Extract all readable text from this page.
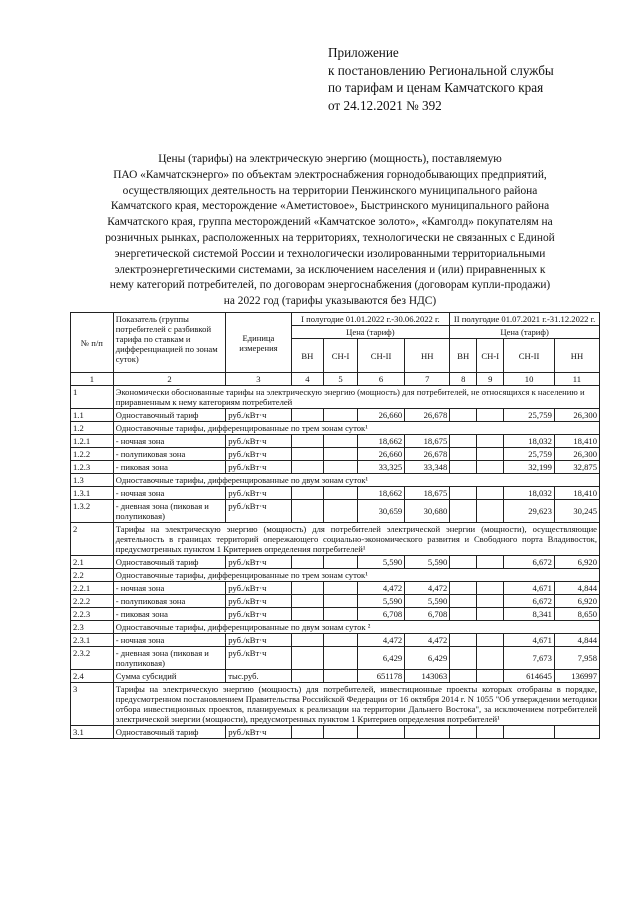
Приложение
к постановлению Региональной службы
по тарифам и ценам Камчатского края
от 24.12.2021 № 392
Цены (тарифы) на электрическую энергию (мощность), поставляемую
ПАО «Камчатскэнерго» по объектам электроснабжения горнодобывающих предприятий,
осуществляющих деятельность на территории Пенжинского муниципального района
Камчатского края, месторождение «Аметистовое», Быстринского муниципального района
Камчатского края, группа месторождений «Камчатское золото», «Камголд» покупателям на
розничных рынках, расположенных на территориях, технологически не связанных с Единой
энергетической системой России и технологически изолированными территориальными
электроэнергетическими системами, за исключением населения и (или) приравненных к
нему категорий потребителей, по договорам энергоснабжения (договорам купли-продажи)
на 2022 год (тарифы указываются без НДС)
№ п/п	Показатель (группы потребителей с разбивкой тарифа по ставкам и дифференциацией по зонам суток)	Единица измерения	I полугодие 01.01.2022 г.-30.06.2022 г.				II полугодие 01.07.2021 г.-31.12.2022 г.			
			Цена (тариф)				Цена (тариф)			
			ВН	СН-I	СН-II	НН	ВН	СН-I	СН-II	НН
1	2	3	4	5	6	7	8	9	10	11
1	Экономически обоснованные тарифы на электрическую энергию (мощность) для потребителей, не относящихся к населению и приравненным к нему категориям потребителей									
1.1	Одноставочный тариф	руб./кВт·ч			26,660	26,678			25,759	26,300
1.2	Одноставочные тарифы, дифференцированные по трем зонам суток¹									
1.2.1	- ночная зона	руб./кВт·ч			18,662	18,675			18,032	18,410
1.2.2	- полупиковая зона	руб./кВт·ч			26,660	26,678			25,759	26,300
1.2.3	- пиковая зона	руб./кВт·ч			33,325	33,348			32,199	32,875
1.3	Одноставочные тарифы, дифференцированные по двум зонам суток¹									
1.3.1	- ночная зона	руб./кВт·ч			18,662	18,675			18,032	18,410
1.3.2	- дневная зона (пиковая и полупиковая)	руб./кВт·ч			30,659	30,680			29,623	30,245
2	Тарифы на электрическую энергию (мощность) для потребителей электрической энергии (мощности), осуществляющие деятельность в границах территорий опережающего социально-экономического развития и Свободного порта Владивосток, предусмотренных пунктом 1 Критериев определения потребителей¹									
2.1	Одноставочный тариф	руб./кВт·ч			5,590	5,590			6,672	6,920
2.2	Одноставочные тарифы, дифференцированные по трем зонам суток¹									
2.2.1	- ночная зона	руб./кВт·ч			4,472	4,472			4,671	4,844
2.2.2	- полупиковая зона	руб./кВт·ч			5,590	5,590			6,672	6,920
2.2.3	- пиковая зона	руб./кВт·ч			6,708	6,708			8,341	8,650
2.3	Одноставочные тарифы, дифференцированные по двум зонам суток ²									
2.3.1	- ночная зона	руб./кВт·ч			4,472	4,472			4,671	4,844
2.3.2	- дневная зона (пиковая и полупиковая)	руб./кВт·ч			6,429	6,429			7,673	7,958
2.4	Сумма субсидий	тыс.руб.			651178	143063			614645	136997
3	Тарифы на электрическую энергию (мощность) для потребителей, инвестиционные проекты которых отобраны в порядке, предусмотренном постановлением Правительства Российской Федерации от 16 октября 2014 г. N 1055 "Об утверждении методики отбора инвестиционных проектов, планируемых к реализации на территории Дальнего Востока", за исключением потребителей электрической энергии (мощности), предусмотренных пунктом 1 Критериев определения потребителей¹									
3.1	Одноставочный тариф	руб./кВт·ч								
